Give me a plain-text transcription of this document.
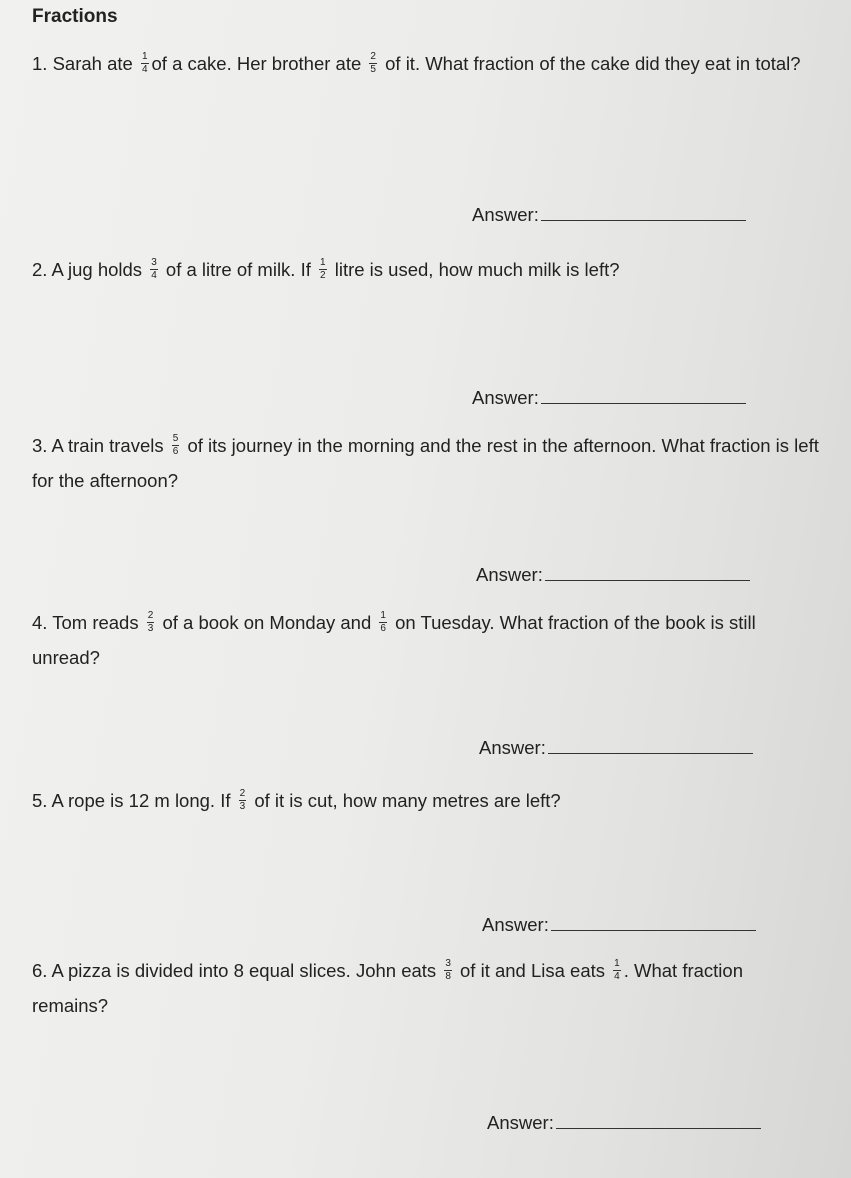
Fractions
1. Sarah ate $\frac{1}{4}$ of a cake. Her brother ate $\frac{2}{5}$ of it. What fraction of the cake did they eat in total?
Answer:
2. A jug holds $\frac{3}{4}$ of a litre of milk. If $\frac{1}{2}$ litre is used, how much milk is left?
Answer:
3. A train travels $\frac{5}{6}$ of its journey in the morning and the rest in the afternoon. What fraction is left for the afternoon?
Answer:
4. Tom reads $\frac{2}{3}$ of a book on Monday and $\frac{1}{6}$ on Tuesday. What fraction of the book is still unread?
Answer:
5. A rope is 12 m long. If $\frac{2}{3}$ of it is cut, how many metres are left?
Answer:
6. A pizza is divided into 8 equal slices. John eats $\frac{3}{8}$ of it and Lisa eats $\frac{1}{4}$ . What fraction remains?
Answer:
